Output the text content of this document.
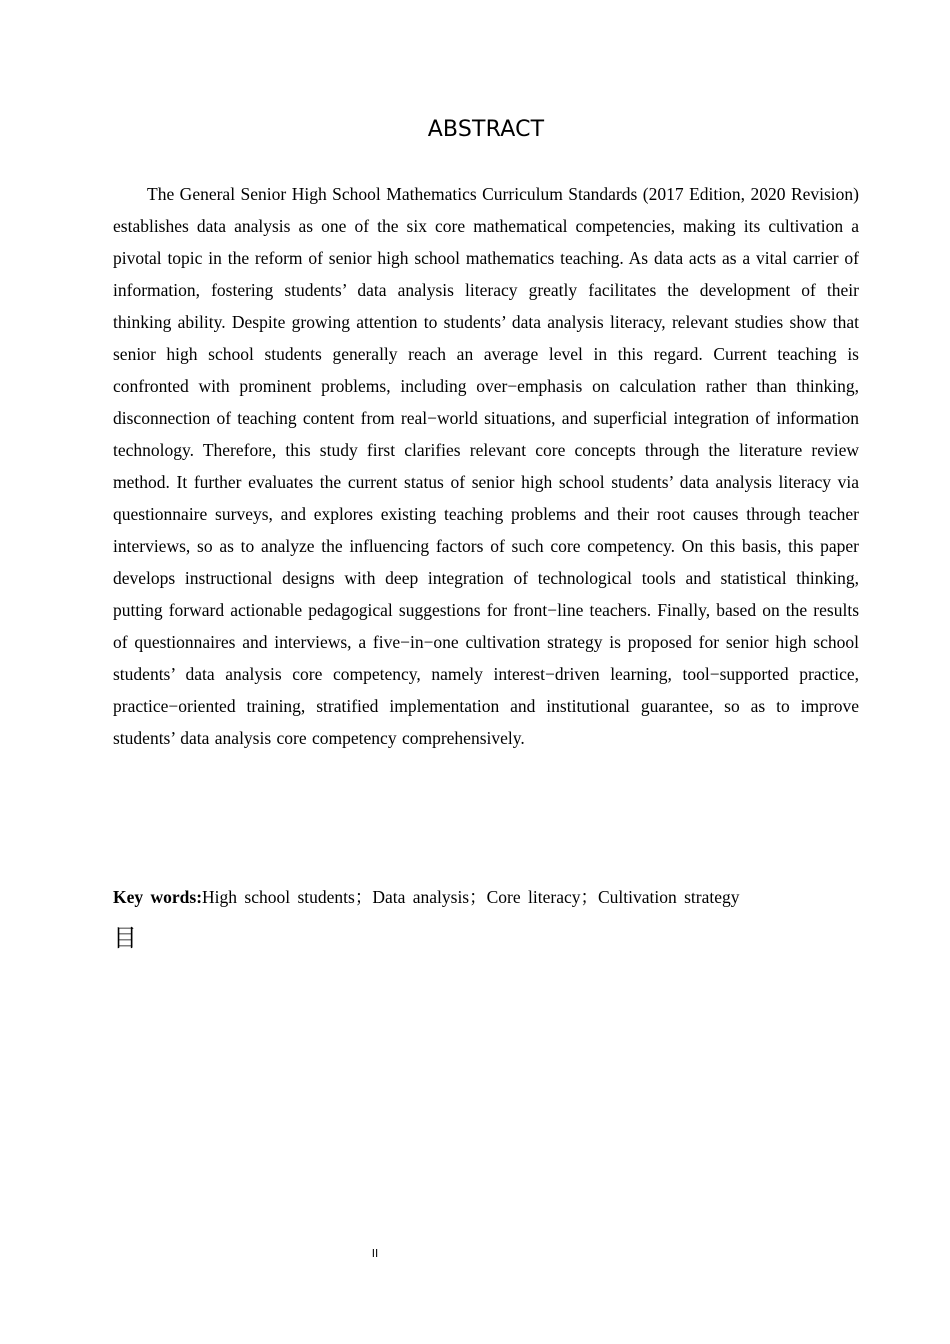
ABSTRACT

The General Senior High School Mathematics Curriculum Standards (2017 Edition, 2020 Revision) establishes data analysis as one of the six core mathematical competencies, making its cultivation a pivotal topic in the reform of senior high school mathematics teaching. As data acts as a vital carrier of information, fostering students’ data analysis literacy greatly facilitates the development of their thinking ability. Despite growing attention to students’ data analysis literacy, relevant studies show that senior high school students generally reach an average level in this regard. Current teaching is confronted with prominent problems, including over−emphasis on calculation rather than thinking, disconnection of teaching content from real−world situations, and superficial integration of information technology. Therefore, this study first clarifies relevant core concepts through the literature review method. It further evaluates the current status of senior high school students’ data analysis literacy via questionnaire surveys, and explores existing teaching problems and their root causes through teacher interviews, so as to analyze the influencing factors of such core competency. On this basis, this paper develops instructional designs with deep integration of technological tools and statistical thinking, putting forward actionable pedagogical suggestions for front−line teachers. Finally, based on the results of questionnaires and interviews, a five−in−one cultivation strategy is proposed for senior high school students’ data analysis core competency, namely interest−driven learning, tool−supported practice, practice−oriented training, stratified implementation and institutional guarantee, so as to improve students’ data analysis core competency comprehensively.

Key words:High school students；Data analysis；Core literacy；Cultivation strategy
目
II
